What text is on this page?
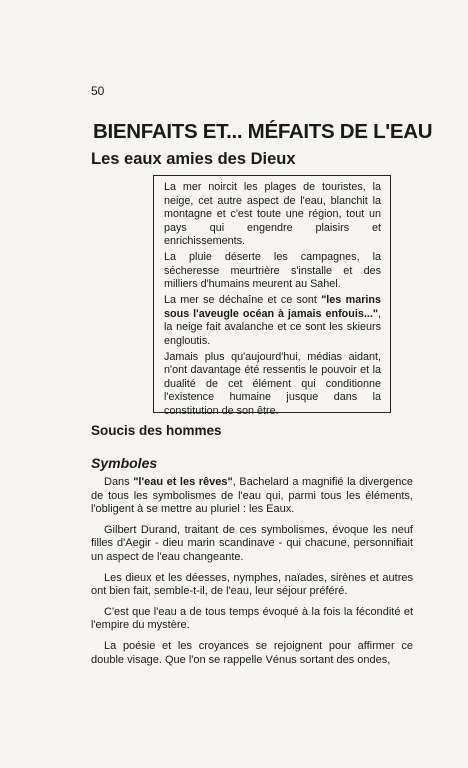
50
BIENFAITS ET... MÉFAITS DE L'EAU
Les eaux amies des Dieux

La mer noircit les plages de touristes, la neige, cet autre aspect de l'eau, blanchit la montagne et c'est toute une région, tout un pays qui engendre plaisirs et enrichissements.

La pluie déserte les campagnes, la sécheresse meurtrière s'installe et des milliers d'humains meurent au Sahel.

La mer se déchaîne et ce sont "les marins sous l'aveugle océan à jamais enfouis...", la neige fait avalanche et ce sont les skieurs engloutis.

Jamais plus qu'aujourd'hui, médias aidant, n'ont davantage été ressentis le pouvoir et la dualité de cet élément qui conditionne l'existence humaine jusque dans la constitution de son être.

Soucis des hommes
Symboles

Dans "l'eau et les rêves", Bachelard a magnifié la divergence de tous les symbolismes de l'eau qui, parmi tous les éléments, l'obligent à se mettre au pluriel : les Eaux.

Gilbert Durand, traitant de ces symbolismes, évoque les neuf filles d'Aegir - dieu marin scandinave - qui chacune, personnifiait un aspect de l'eau changeante.

Les dieux et les déesses, nymphes, naïades, sirènes et autres ont bien fait, semble-t-il, de l'eau, leur séjour préféré.

C'est que l'eau a de tous temps évoqué à la fois la fécondité et l'empire du mystère.

La poésie et les croyances se rejoignent pour affirmer ce double visage. Que l'on se rappelle Vénus sortant des ondes,
